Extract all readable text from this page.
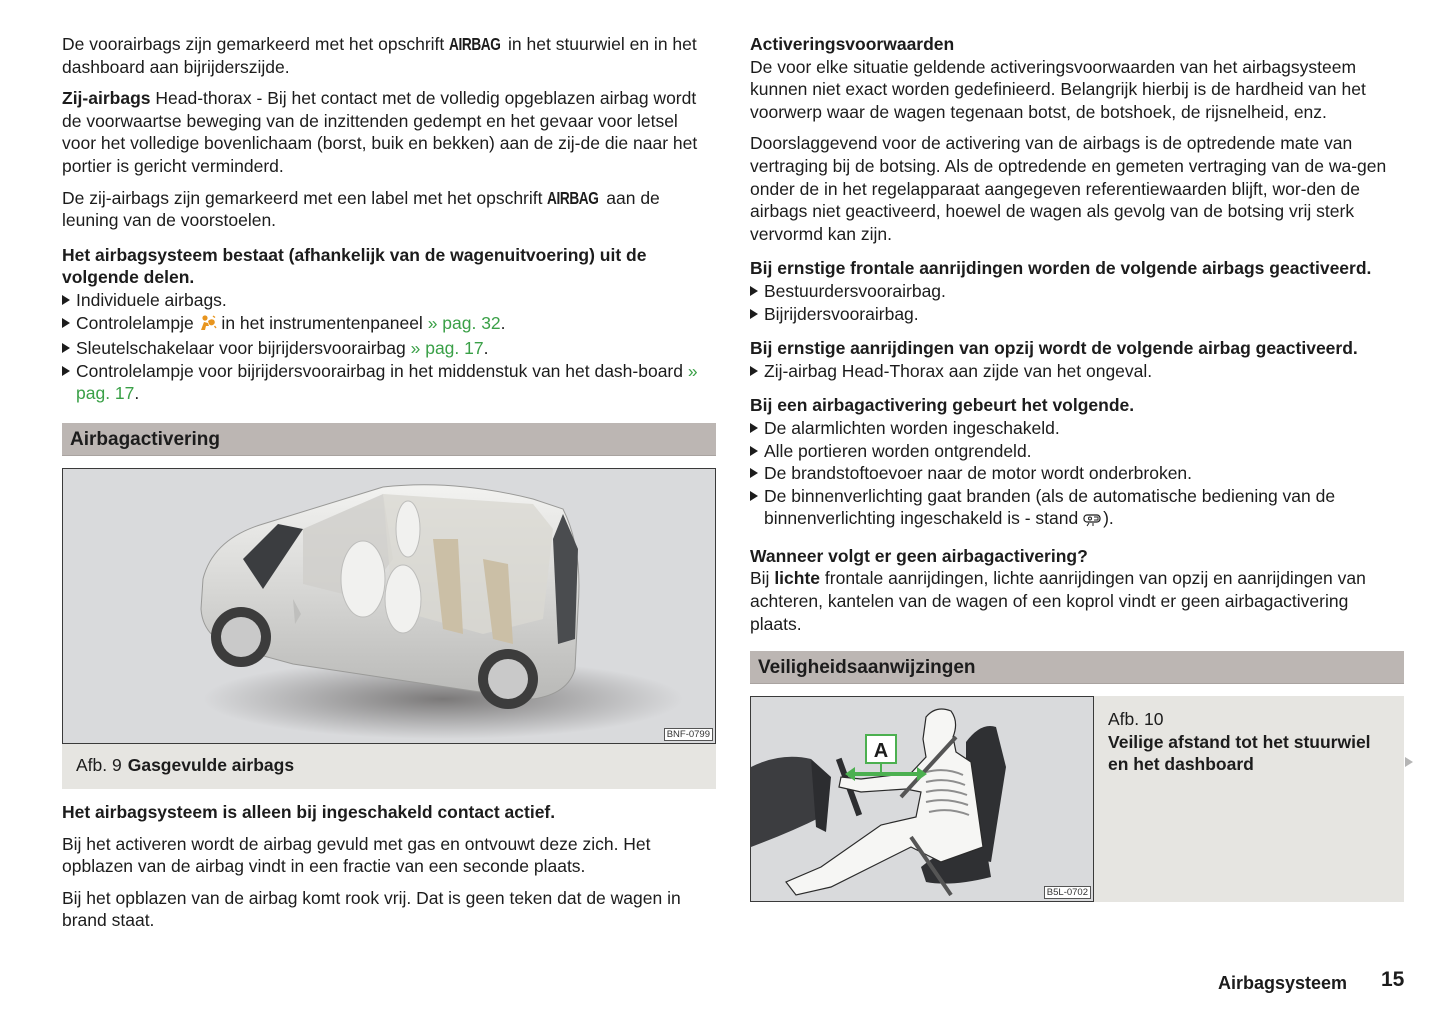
De voorairbags zijn gemarkeerd met het opschrift AIRBAG in het stuurwiel en in het dashboard aan bijrijderszijde.

Zij-airbags Head-thorax - Bij het contact met de volledig opgeblazen airbag wordt de voorwaartse beweging van de inzittenden gedempt en het gevaar voor letsel voor het volledige bovenlichaam (borst, buik en bekken) aan de zij-de die naar het portier is gericht verminderd.

De zij-airbags zijn gemarkeerd met een label met het opschrift AIRBAG aan de leuning van de voorstoelen.

Het airbagsysteem bestaat (afhankelijk van de wagenuitvoering) uit de volgende delen.
Individuele airbags.
Controlelampje  in het instrumentenpaneel » pag. 32.
Sleutelschakelaar voor bijrijdersvoorairbag » pag. 17.
Controlelampje voor bijrijdersvoorairbag in het middenstuk van het dash-board » pag. 17.
Airbagactivering
BNF-0799
Afb. 9 Gasgevulde airbags
Het airbagsysteem is alleen bij ingeschakeld contact actief.

Bij het activeren wordt de airbag gevuld met gas en ontvouwt deze zich. Het opblazen van de airbag vindt in een fractie van een seconde plaats.

Bij het opblazen van de airbag komt rook vrij. Dat is geen teken dat de wagen in brand staat.

Activeringsvoorwaarden

De voor elke situatie geldende activeringsvoorwaarden van het airbagsysteem kunnen niet exact worden gedefinieerd. Belangrijk hierbij is de hardheid van het voorwerp waar de wagen tegenaan botst, de botshoek, de rijsnelheid, enz.

Doorslaggevend voor de activering van de airbags is de optredende mate van vertraging bij de botsing. Als de optredende en gemeten vertraging van de wa-gen onder de in het regelapparaat aangegeven referentiewaarden blijft, wor-den de airbags niet geactiveerd, hoewel de wagen als gevolg van de botsing vrij sterk vervormd kan zijn.

Bij ernstige frontale aanrijdingen worden de volgende airbags geactiveerd.
Bestuurdersvoorairbag.
Bijrijdersvoorairbag.
Bij ernstige aanrijdingen van opzij wordt de volgende airbag geactiveerd.
Zij-airbag Head-Thorax aan zijde van het ongeval.
Bij een airbagactivering gebeurt het volgende.
De alarmlichten worden ingeschakeld.
Alle portieren worden ontgrendeld.
De brandstoftoevoer naar de motor wordt onderbroken.
De binnenverlichting gaat branden (als de automatische bediening van de binnenverlichting ingeschakeld is - stand ).
Wanneer volgt er geen airbagactivering?

Bij lichte frontale aanrijdingen, lichte aanrijdingen van opzij en aanrijdingen van achteren, kantelen van de wagen of een koprol vindt er geen airbagactivering plaats.

Veiligheidsaanwijzingen
A
B5L-0702
Afb. 10
Veilige afstand tot het stuurwiel en het dashboard
Airbagsysteem 15
